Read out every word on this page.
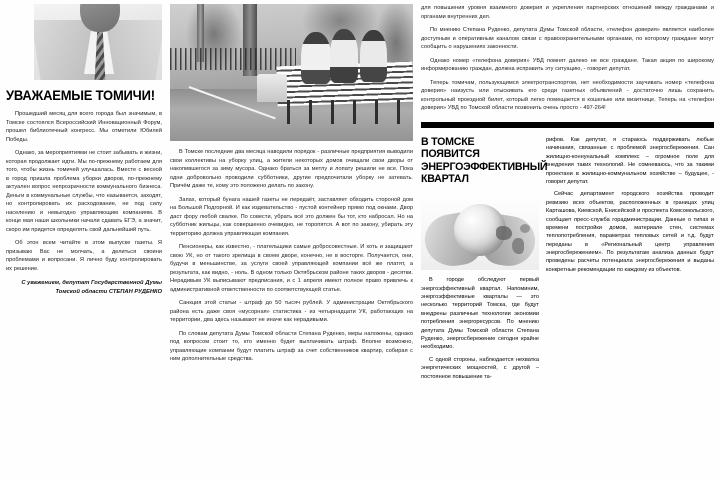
УВАЖАЕМЫЕ ТОМИЧИ!

Прошедший месяц для всего города был значимым, в Томске состоялся Всероссийский Инновационный Форум, прошел библиотечный конгресс. Мы отметили Юбилей Победы.

Однако, за мероприятиями не стоит забывать и жизни, которая продолжает идти. Мы по-прежнему работаем для того, чтобы жизнь томичей улучшалась. Вместе с весной в город пришла проблема уборки дворов, по-прежнему актуален вопрос непрозрачности коммунального бизнеса. Деньги в коммунальные службы, что называется, заходят, но контролировать их расходование, не под силу населению и невыгодно управляющим компаниям. В конце мая наши школьники начали сдавать ЕГЭ, а значит, скоро им придется определять свой дальнейший путь.

Об этон всем читайте в этом выпуске газеты. Я призываю Вас не молчать, а делиться своини проблемами и вопросани. Я лично буду контролировать их решение.

С уважением, депутат Государственной Думы Томской области СТЕПАН РУДЕНКО

В Томске последние два месяца наводили порядок - различные предприятия выводили свои коллективы на уборку улиц, а жители некоторых домов очищали свои дворы от накопившегося за зиму мусора. Однако браться за метлу и лопату решили не все. Пока одни добровольно проводили субботники, другие предпочитали уборку не затевать. Причём даже те, кому это положено делать по закону.

Запах, который бунага нашей газеты не передаёт, заставляет обходить стороной дом на Большой Подгорной. И как издевательство - пустой контейнер прямо под окнами. Двор даст фору любой свалке. По совести, убрать всё это должен бы тот, кто набросал. Но на субботник жильцы, как совершенно очевидно, не торопятся. А вот по закону, убирать эту территорию должна управляющая компания.

Пенсионеры, как известно, - плательщики самые добросовестные. И хоть и защищают свою УК, но от такого зрелища в своем дворе, конечно, не в восторге. Получается, они, будучи в меньшинстве, за услуги своей управляющей компании всё же платят, а результата, как видно, - ноль. В одном только Октябрьском районе таких дворов - десятки. Нерадивым УК выписывают предписания, и с 1 апреля имеют полное право привлечь к административной ответственности по соответствующей статье.

Санкция этой статьи - штраф до 50 тысяч рублей. У администрации Октябрьского района есть даже своя «мусорная» статистика - из четырнадцати УК, работающих на территории, два здесь называют не иначе как нерадивыми.

По словам депутата Думы Томской области Степана Руденко, меры наложены, однако под вопросом стоит то, кто именно будет выплачивать штраф. Вполне возможно, управляющие компании будут платить штраф за счет собственников квартир, собирая с ним дополнительные средства.

для повышения уровня взаимного доверия и укрепления партнерских отношений между гражданами и органами внутренних дел.

По мнению Степана Руденко, депутата Думы Томской области, «телефон доверия» является наиболее доступным и оперативным каналом связи с правоохранительными органами, по которому граждане могут сообщить о нарушениях законности.

Однако номер «телефона доверия» УВД помнят далеко не все граждане. Такая акция по широкому информированию граждан, должна исправить эту ситуацию, - говорит депутат.

Теперь томичам, пользующимся электротранспортом, нет необходимости заучивать номер «телефона доверия» наизусть или отыскивать его среди газетных объявлений - достаточно лишь сохранить контрольный проездной билет, который легко помещается в кошельке или визитнице. Теперь на «телефон доверия» УВД по Томской области позвонить очень просто - 497-264!

В ТОМСКЕ ПОЯВИТСЯ ЭНЕРГОЭФФЕКТИВНЫЙ КВАРТАЛ

В городе обследуют первый энергоэффективный квартал. Напоминим, энергоэффективные кварталы — это несколько территорий Томска, где будут внедрены различные технологии экономии потребления энергоресурсов. По мнению депутата Думы Томской области Степана Руденко, энергосбережение сегодня крайне необходимо.

С одной стороны, наблюдается нехватка энергетических мощностей, с другой – постоянное повышение та-

рифов. Как депутат, я стараюсь поддерживать любые начинания, связанные с проблемой энергосбережения. Сан жилищно-коннунальный комплекс – огромное поле для внедрения таких технологий. Не сомневаюсь, что за такими проектани в жилищно-коммунальном хозяйстве – будущее, - говорит депутат.

Сейчас департамент городского хозяйства проводит ревизию всех объектов, расположенных в границах улиц Карташова, Киевской, Енисейской и проспекта Комсомольского, сообщает пресс-служба горадминистрации. Данные о типах и времени постройки домов, материале стен, системах теплопотребления, параметрах тепловых сетей и т.д. будут переданы в «Региональный центр управления энергосбережением». По результатам анализа данных будут проведены расчеты потенциала энергосбережения и выданы конкретные рекомендации по каждому из объектов.
